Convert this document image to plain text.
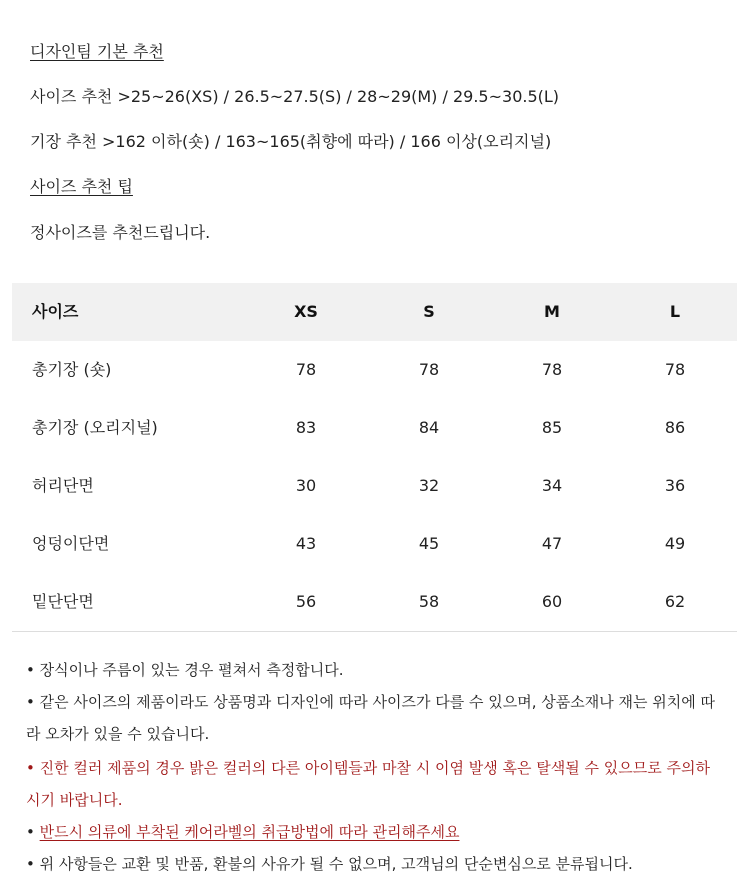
디자인팀 기본 추천
사이즈 추천 >25~26(XS) / 26.5~27.5(S) / 28~29(M) / 29.5~30.5(L)
기장 추천 >162 이하(숏) / 163~165(취향에 따라) / 166 이상(오리지널)
사이즈 추천 팁
정사이즈를 추천드립니다.
사이즈	XS	S	M	L
총기장 (숏)	78	78	78	78
총기장 (오리지널)	83	84	85	86
허리단면	30	32	34	36
엉덩이단면	43	45	47	49
밑단단면	56	58	60	62
• 장식이나 주름이 있는 경우 펼쳐서 측정합니다.
• 같은 사이즈의 제품이라도 상품명과 디자인에 따라 사이즈가 다를 수 있으며, 상품소재나 재는 위치에 따
라 오차가 있을 수 있습니다.
• 진한 컬러 제품의 경우 밝은 컬러의 다른 아이템들과 마찰 시 이염 발생 혹은 탈색될 수 있으므로 주의하
시기 바랍니다.
• 반드시 의류에 부착된 케어라벨의 취급방법에 따라 관리해주세요
• 위 사항들은 교환 및 반품, 환불의 사유가 될 수 없으며, 고객님의 단순변심으로 분류됩니다.
